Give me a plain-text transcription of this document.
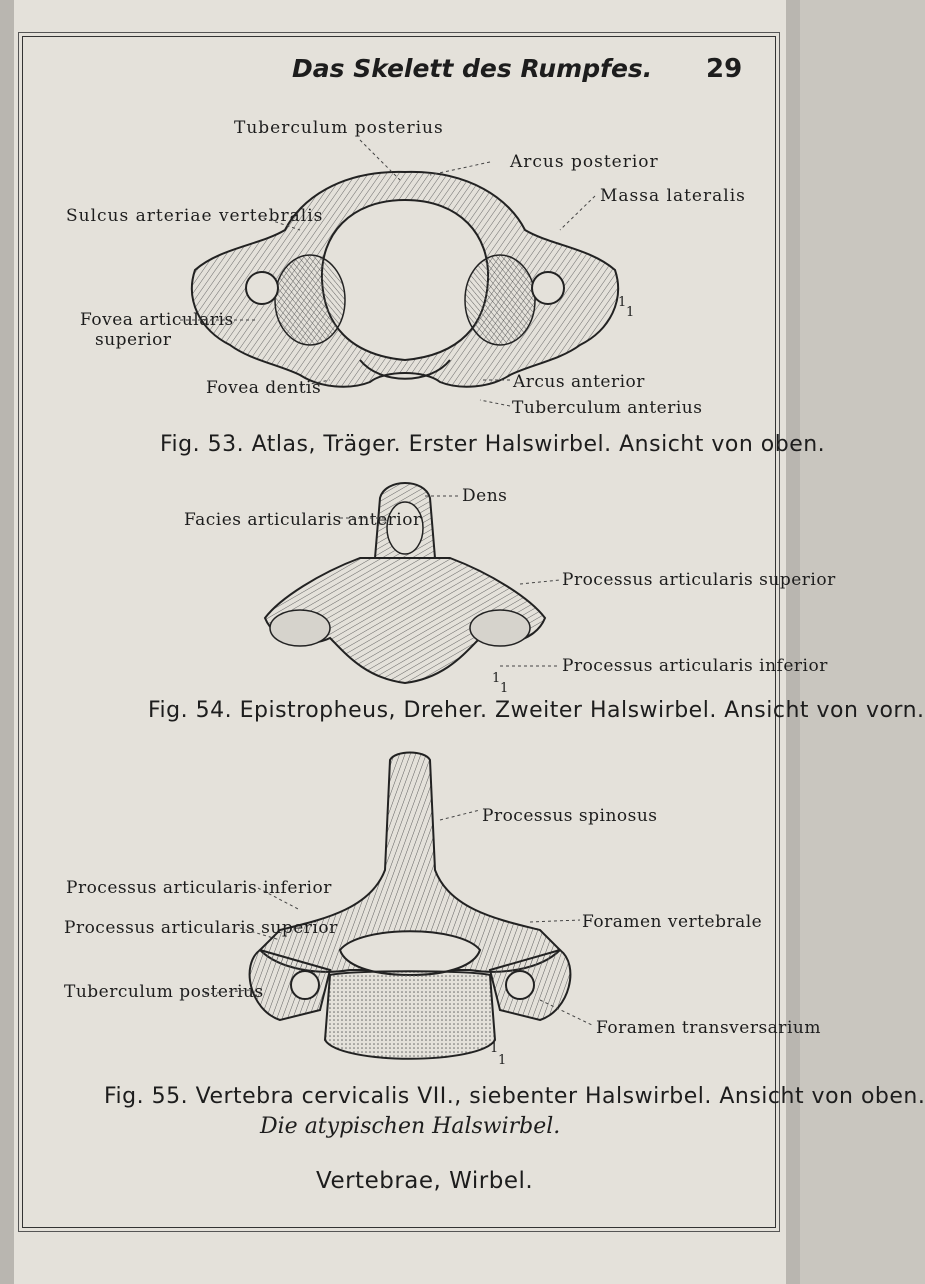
Das Skelett des Rumpfes. 29
Tuberculum posterius
Arcus posterior
Massa lateralis
Sulcus arteriae vertebralis
Fovea articularis
superior
Fovea dentis	Arcus anterior
Tuberculum anterius
1
1
Fig. 53. Atlas, Träger. Erster Halswirbel. Ansicht von oben.
Dens
Facies articularis anterior
Processus articularis superior
Processus articularis inferior
1
1
Fig. 54. Epistropheus, Dreher. Zweiter Halswirbel. Ansicht von vorn.
Processus spinosus
Processus articularis inferior
Processus articularis superior	Foramen vertebrale
Tuberculum posterius
Foramen transversarium
1
1
Fig. 55. Vertebra cervicalis VII., siebenter Halswirbel. Ansicht von oben.
Die atypischen Halswirbel.
Vertebrae, Wirbel.
